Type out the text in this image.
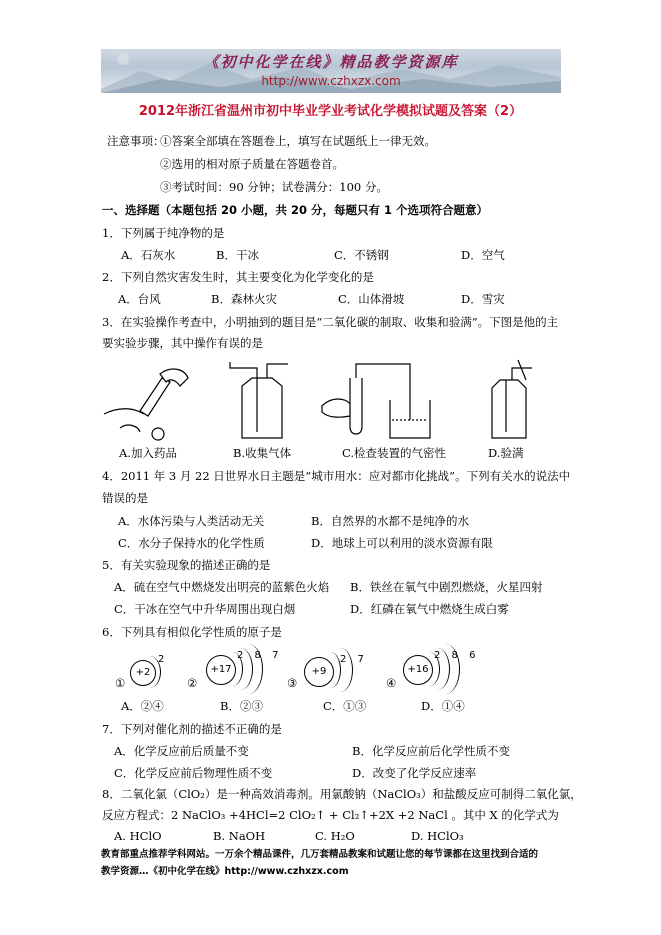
《初中化学在线》精品教学资源库
http://www.czhxzx.com
2012年浙江省温州市初中毕业学业考试化学模拟试题及答案（2）
注意事项：
①答案全部填在答题卷上，填写在试题纸上一律无效。
②选用的相对原子质量在答题卷首。
③考试时间：90 分钟；试卷满分：100 分。
一、选择题（本题包括 20 小题，共 20 分，每题只有 1 个选项符合题意）
1．下列属于纯净物的是
A．石灰水	B．干冰	C．不锈钢	D．空气
2．下列自然灾害发生时，其主要变化为化学变化的是
A．台风	B．森林火灾	C．山体滑坡	D．雪灾
3．在实验操作考查中，小明抽到的题目是“二氧化碳的制取、收集和验满”。下图是他的主
要实验步骤，其中操作有误的是
A.加入药品	B.收集气体	C.检查装置的气密性	D.验满
4．2011 年 3 月 22 日世界水日主题是“城市用水：应对都市化挑战”。下列有关水的说法中
错误的是
A．水体污染与人类活动无关	B．自然界的水都不是纯净的水
C．水分子保持水的化学性质	D．地球上可以利用的淡水资源有限
5．有关实验现象的描述正确的是
A．硫在空气中燃烧发出明亮的蓝紫色火焰 B．铁丝在氧气中剧烈燃烧，火星四射
C．干冰在空气中升华周围出现白烟	D．红磷在氧气中燃烧生成白雾
6．下列具有相似化学性质的原子是
①
+2
2
②
+17
2 8 7
③
+9
2 7
④
+16
2 8 6
A．②④	B．②③	C．①③	D．①④
7．下列对催化剂的描述不正确的是
A．化学反应前后质量不变	B．化学反应前后化学性质不变
C．化学反应前后物理性质不变	D．改变了化学反应速率
8．二氧化氯（ClO₂）是一种高效消毒剂。用氯酸钠（NaClO₃）和盐酸反应可制得二氧化氯，
反应方程式：2 NaClO₃ +4HCl=2 ClO₂↑ + Cl₂↑+2X +2 NaCl 。其中 X 的化学式为
A. HClO	B. NaOH	C. H₂O	D. HClO₃
教育部重点推荐学科网站。一万余个精品课件，几万套精品教案和试题让您的每节课都在这里找到合适的
教学资源…《初中化学在线》http://www.czhxzx.com
